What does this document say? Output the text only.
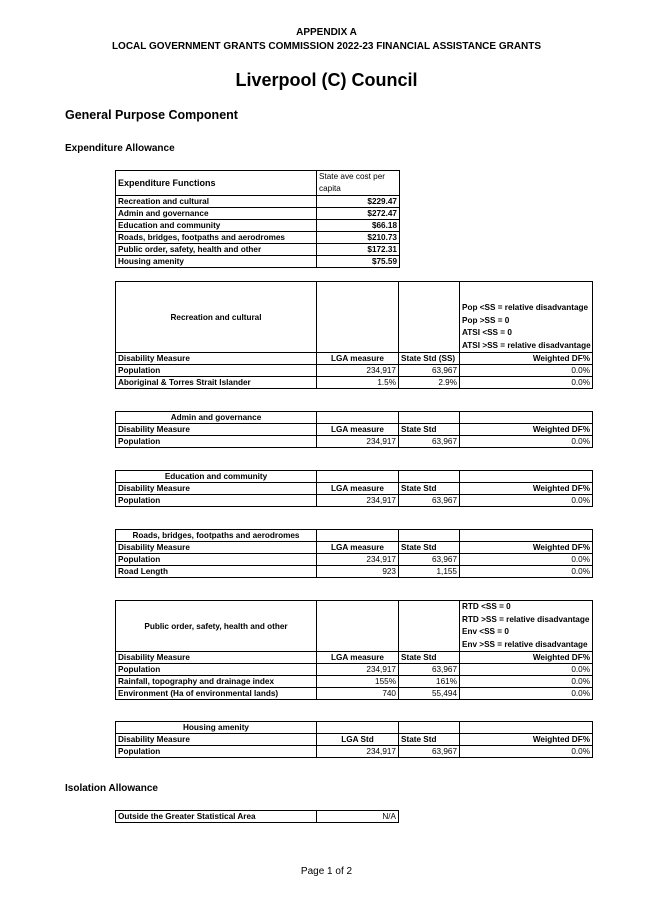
APPENDIX A
LOCAL GOVERNMENT GRANTS COMMISSION 2022-23 FINANCIAL ASSISTANCE GRANTS
Liverpool (C) Council
General Purpose Component
Expenditure Allowance
Expenditure Functions	State ave cost per
capita

Recreation and cultural	$229.47
Admin and governance	$272.47
Education and community	$66.18
Roads, bridges, footpaths and aerodromes	$210.73
Public order, safety, health and other	$172.31
Housing amenity	$75.59
Recreation and cultural			Pop <SS = relative disadvantage
Pop >SS = 0
ATSI <SS = 0
ATSI >SS = relative disadvantage

Disability Measure	LGA measure	State Std (SS)	Weighted DF%
Population	234,917	63,967	0.0%
Aboriginal & Torres Strait Islander	1.5%	2.9%	0.0%
Admin and governance			
Disability Measure	LGA measure	State Std	Weighted DF%
Population	234,917	63,967	0.0%
Education and community			
Disability Measure	LGA measure	State Std	Weighted DF%
Population	234,917	63,967	0.0%
Roads, bridges, footpaths and aerodromes			
Disability Measure	LGA measure	State Std	Weighted DF%
Population	234,917	63,967	0.0%
Road Length	923	1,155	0.0%
Public order, safety, health and other			RTD <SS = 0
RTD >SS = relative disadvantage
Env <SS = 0
Env >SS = relative disadvantage

Disability Measure	LGA measure	State Std	Weighted DF%
Population	234,917	63,967	0.0%
Rainfall, topography and drainage index	155%	161%	0.0%
Environment (Ha of environmental lands)	740	55,494	0.0%
Housing amenity			
Disability Measure	LGA Std	State Std	Weighted DF%
Population	234,917	63,967	0.0%
Isolation Allowance
Outside the Greater Statistical Area	N/A
Page 1 of 2
